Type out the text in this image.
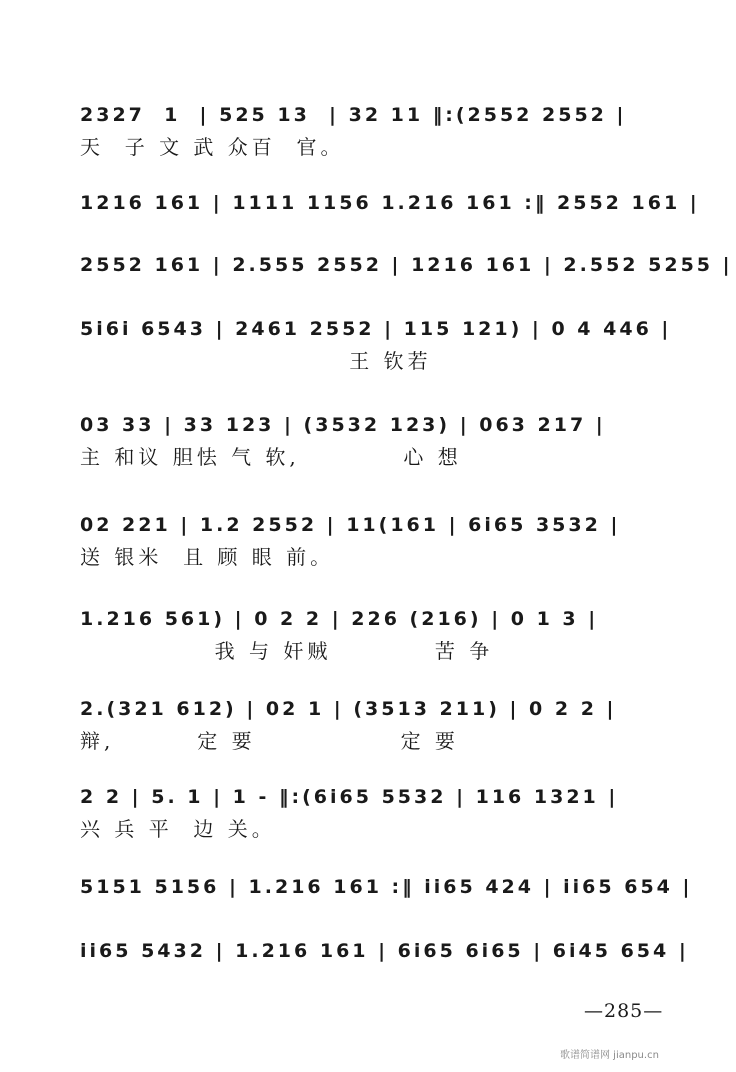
2327  1  | 525 13  | 32 11 ‖:(2552 2552 |
天  子 文 武 众百  官。
1216 161 | 1111 1156 1.216 161 :‖ 2552 161 |
2552 161 | 2.555 2552 | 1216 161 | 2.552 5255 |
5i6i 6543 | 2461 2552 | 115 121) | 0 4 446 |
王 钦若
03 33 | 33 123 | (3532 123) | 063 217 |
主 和议 胆怯 气 软,          心 想
02 221 | 1.2 2552 | 11(161 | 6i65 3532 |
送 银米  且 顾 眼 前。
1.216 561) | 0 2 2 | 226 (216) | 0 1 3 |
我 与 奸贼          苦 争
2.(321 612) | 02 1 | (3513 211) | 0 2 2 |
辩,        定 要              定 要
2 2 | 5. 1 | 1 - ‖:(6i65 5532 | 116 1321 |
兴 兵 平  边 关。
5151 5156 | 1.216 161 :‖ ii65 424 | ii65 654 |
ii65 5432 | 1.216 161 | 6i65 6i65 | 6i45 654 |
—285—
歌谱简谱网 jianpu.cn
